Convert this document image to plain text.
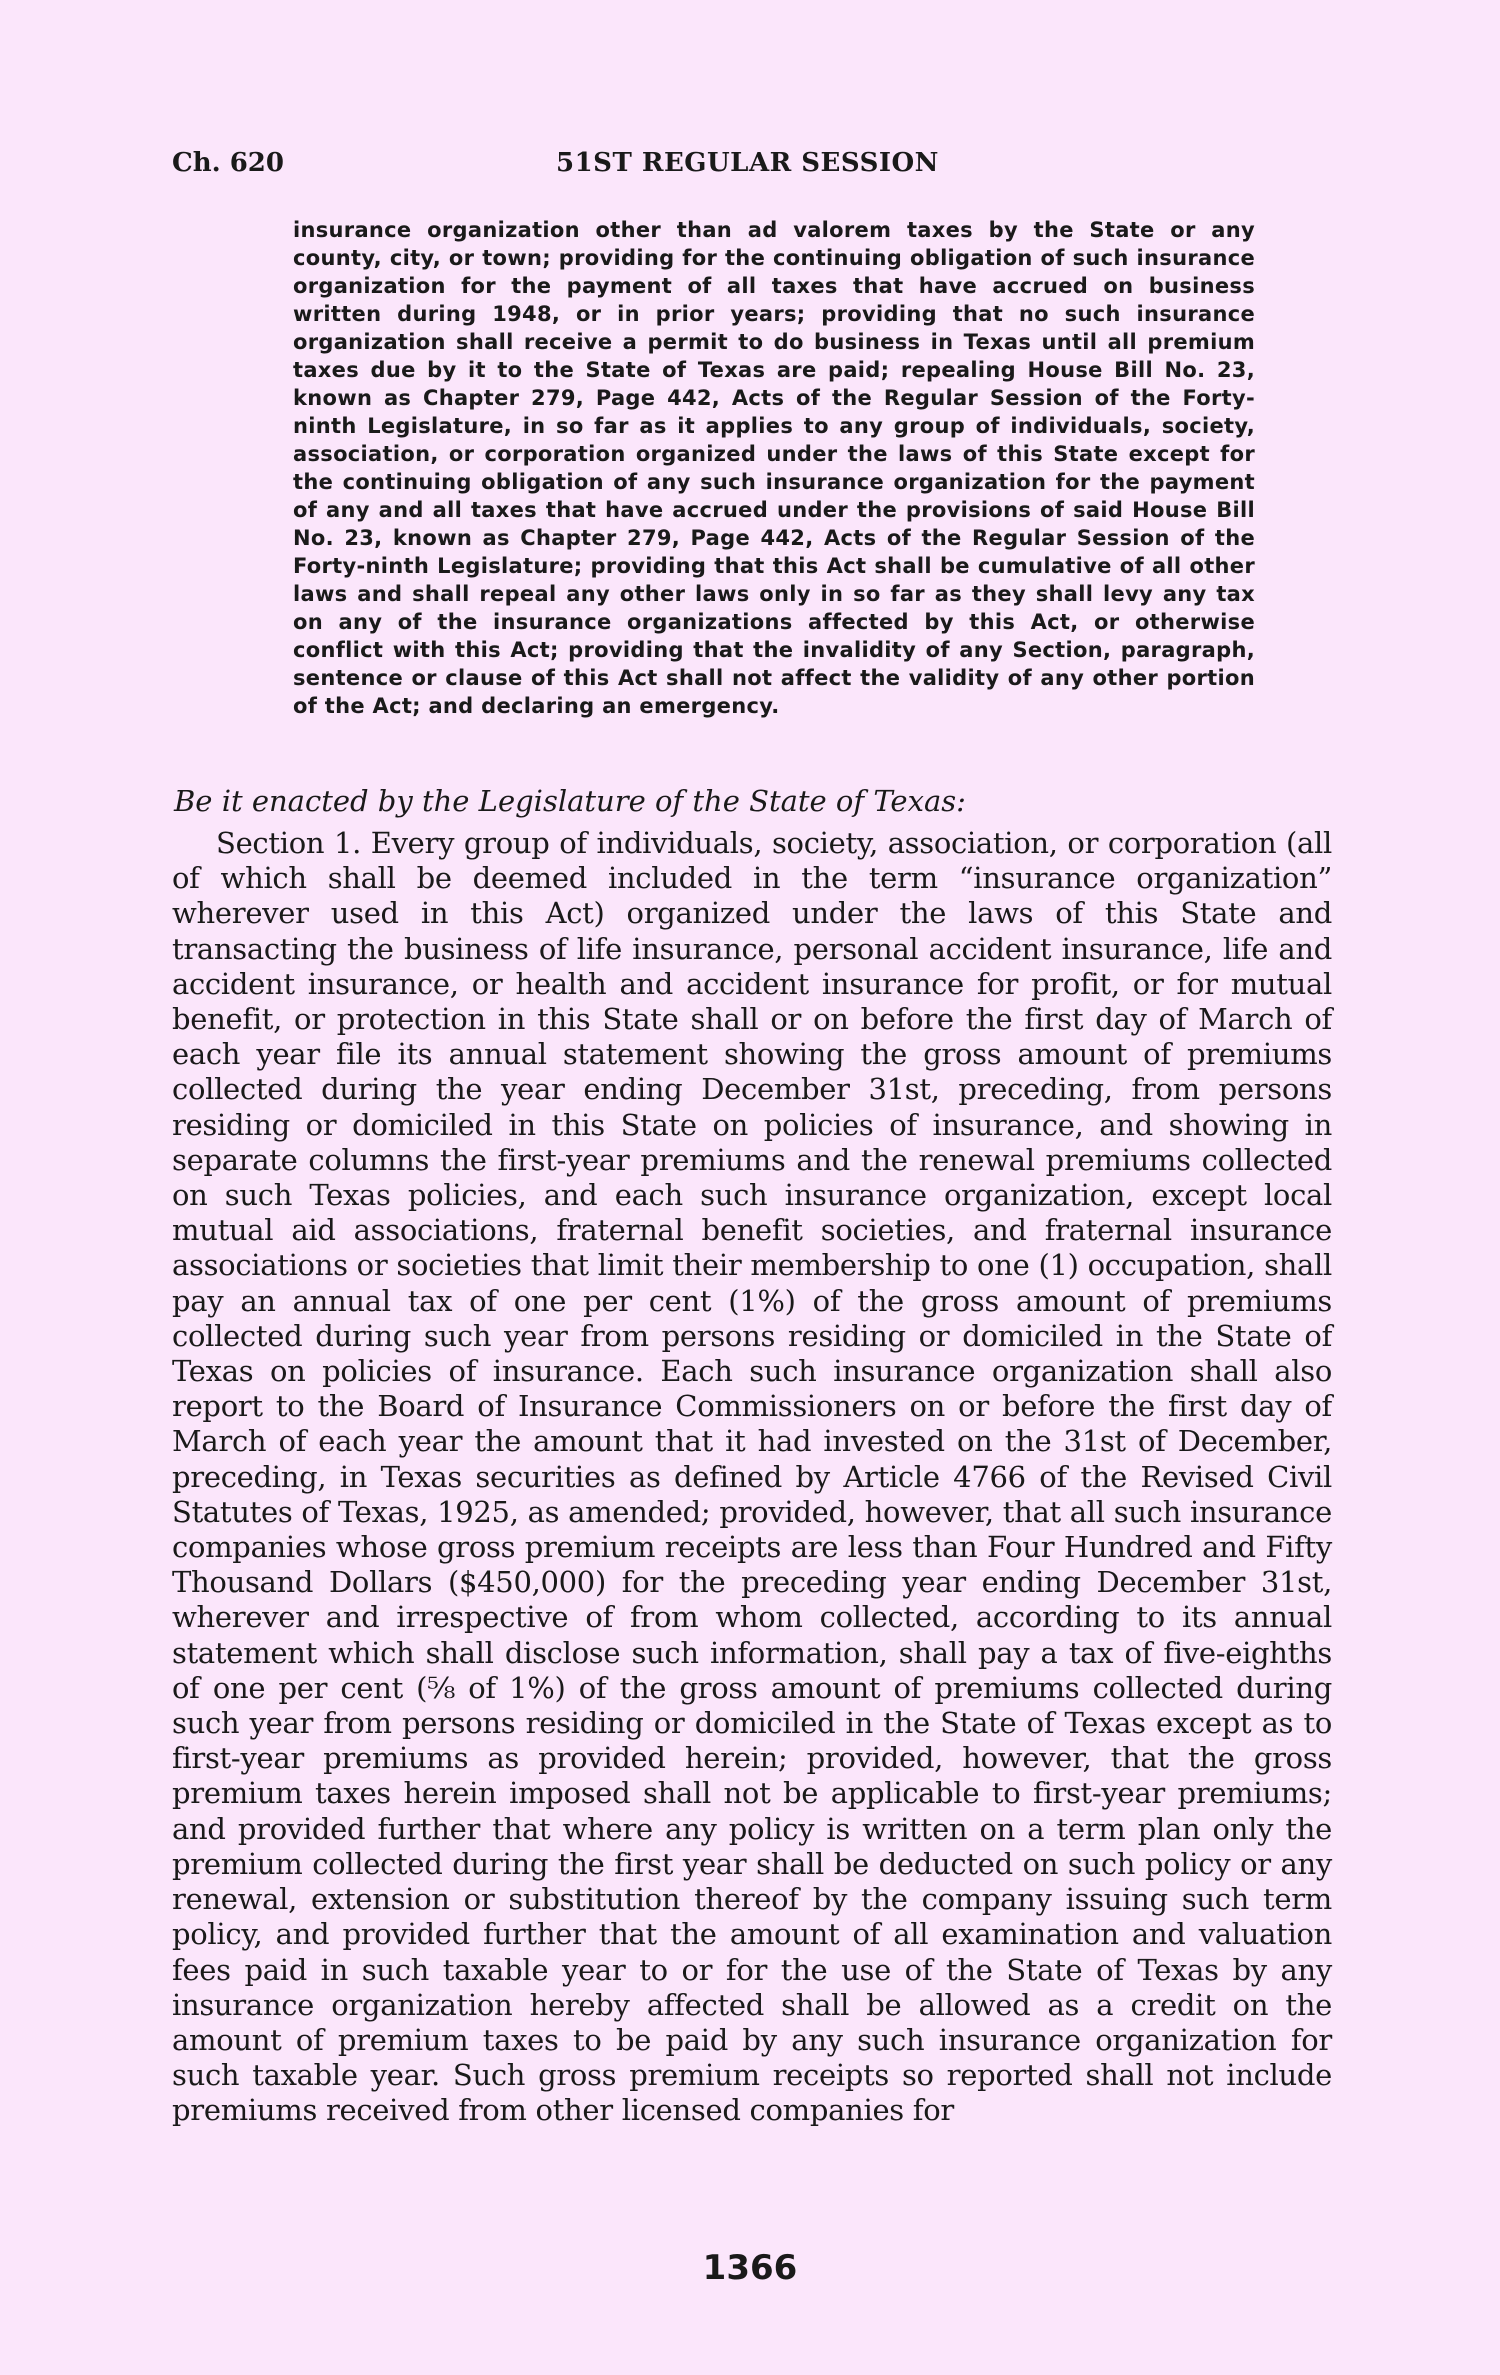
Ch. 620	51ST REGULAR SESSION

insurance organization other than ad valorem taxes by the State or any county, city, or town; providing for the continuing obligation of such insurance organization for the payment of all taxes that have accrued on business written during 1948, or in prior years; providing that no such insurance organization shall receive a permit to do business in Texas until all premium taxes due by it to the State of Texas are paid; repealing House Bill No. 23, known as Chapter 279, Page 442, Acts of the Regular Session of the Forty-ninth Legislature, in so far as it applies to any group of individuals, society, association, or corporation organized under the laws of this State except for the continuing obligation of any such insurance organization for the payment of any and all taxes that have accrued under the provisions of said House Bill No. 23, known as Chapter 279, Page 442, Acts of the Regular Session of the Forty-ninth Legislature; providing that this Act shall be cumulative of all other laws and shall repeal any other laws only in so far as they shall levy any tax on any of the insurance organizations affected by this Act, or otherwise conflict with this Act; providing that the invalidity of any Section, paragraph, sentence or clause of this Act shall not affect the validity of any other portion of the Act; and declaring an emergency.

Be it enacted by the Legislature of the State of Texas:

Section 1. Every group of individuals, society, association, or corporation (all of which shall be deemed included in the term “insurance organization” wherever used in this Act) organized under the laws of this State and transacting the business of life insurance, personal accident insurance, life and accident insurance, or health and accident insurance for profit, or for mutual benefit, or protection in this State shall or on before the first day of March of each year file its annual statement showing the gross amount of premiums collected during the year ending December 31st, preceding, from persons residing or domiciled in this State on policies of insurance, and showing in separate columns the first-year premiums and the renewal premiums collected on such Texas policies, and each such insurance organization, except local mutual aid associations, fraternal benefit societies, and fraternal insurance associations or societies that limit their membership to one (1) occupation, shall pay an annual tax of one per cent (1%) of the gross amount of premiums collected during such year from persons residing or domiciled in the State of Texas on policies of insurance. Each such insurance organization shall also report to the Board of Insurance Commissioners on or before the first day of March of each year the amount that it had invested on the 31st of December, preceding, in Texas securities as defined by Article 4766 of the Revised Civil Statutes of Texas, 1925, as amended; provided, however, that all such insurance companies whose gross premium receipts are less than Four Hundred and Fifty Thousand Dollars ($450,000) for the preceding year ending December 31st, wherever and irrespective of from whom collected, according to its annual statement which shall disclose such information, shall pay a tax of five-eighths of one per cent (⅝ of 1%) of the gross amount of premiums collected during such year from persons residing or domiciled in the State of Texas except as to first-year premiums as provided herein; provided, however, that the gross premium taxes herein imposed shall not be applicable to first-year premiums; and provided further that where any policy is written on a term plan only the premium collected during the first year shall be deducted on such policy or any renewal, extension or substitution thereof by the company issuing such term policy, and provided further that the amount of all examination and valuation fees paid in such taxable year to or for the use of the State of Texas by any insurance organization hereby affected shall be allowed as a credit on the amount of premium taxes to be paid by any such insurance organization for such taxable year. Such gross premium receipts so reported shall not include premiums received from other licensed companies for

1366
